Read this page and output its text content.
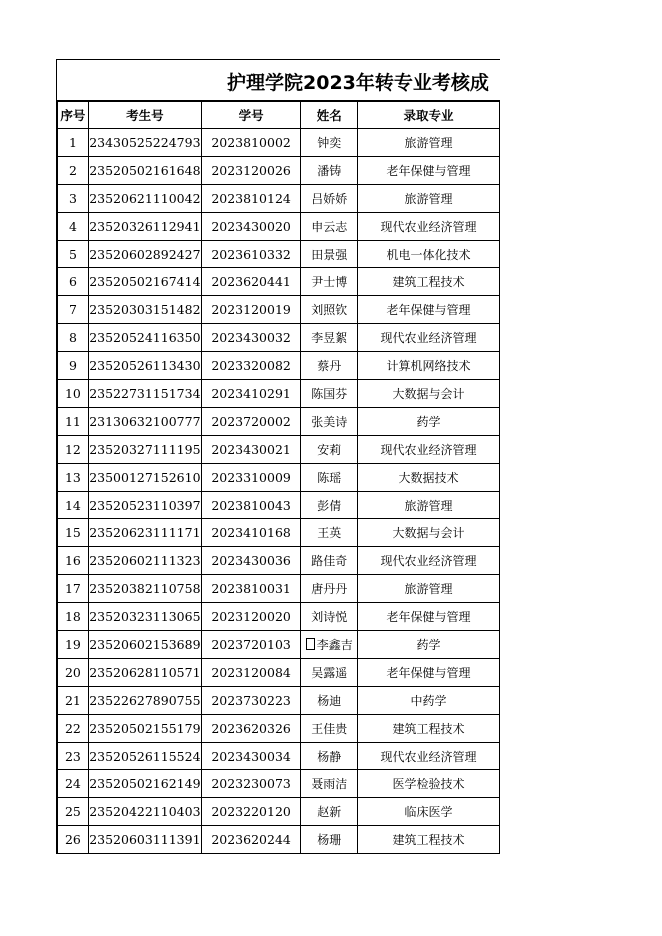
护理学院2023年转专业考核成
序号	考生号	学号	姓名	录取专业
1	23430525224793	2023810002	钟奕	旅游管理
2	23520502161648	2023120026	潘铸	老年保健与管理
3	23520621110042	2023810124	吕娇娇	旅游管理
4	23520326112941	2023430020	申云志	现代农业经济管理
5	23520602892427	2023610332	田景强	机电一体化技术
6	23520502167414	2023620441	尹士博	建筑工程技术
7	23520303151482	2023120019	刘照钦	老年保健与管理
8	23520524116350	2023430032	李昱絮	现代农业经济管理
9	23520526113430	2023320082	蔡丹	计算机网络技术
10	23522731151734	2023410291	陈国芬	大数据与会计
11	23130632100777	2023720002	张美诗	药学
12	23520327111195	2023430021	安莉	现代农业经济管理
13	23500127152610	2023310009	陈瑶	大数据技术
14	23520523110397	2023810043	彭倩	旅游管理
15	23520623111171	2023410168	王英	大数据与会计
16	23520602111323	2023430036	路佳奇	现代农业经济管理
17	23520382110758	2023810031	唐丹丹	旅游管理
18	23520323113065	2023120020	刘诗悦	老年保健与管理
19	23520602153689	2023720103	李鑫吉	药学
20	23520628110571	2023120084	吴露遥	老年保健与管理
21	23522627890755	2023730223	杨迪	中药学
22	23520502155179	2023620326	王佳贵	建筑工程技术
23	23520526115524	2023430034	杨静	现代农业经济管理
24	23520502162149	2023230073	聂雨洁	医学检验技术
25	23520422110403	2023220120	赵新	临床医学
26	23520603111391	2023620244	杨珊	建筑工程技术
